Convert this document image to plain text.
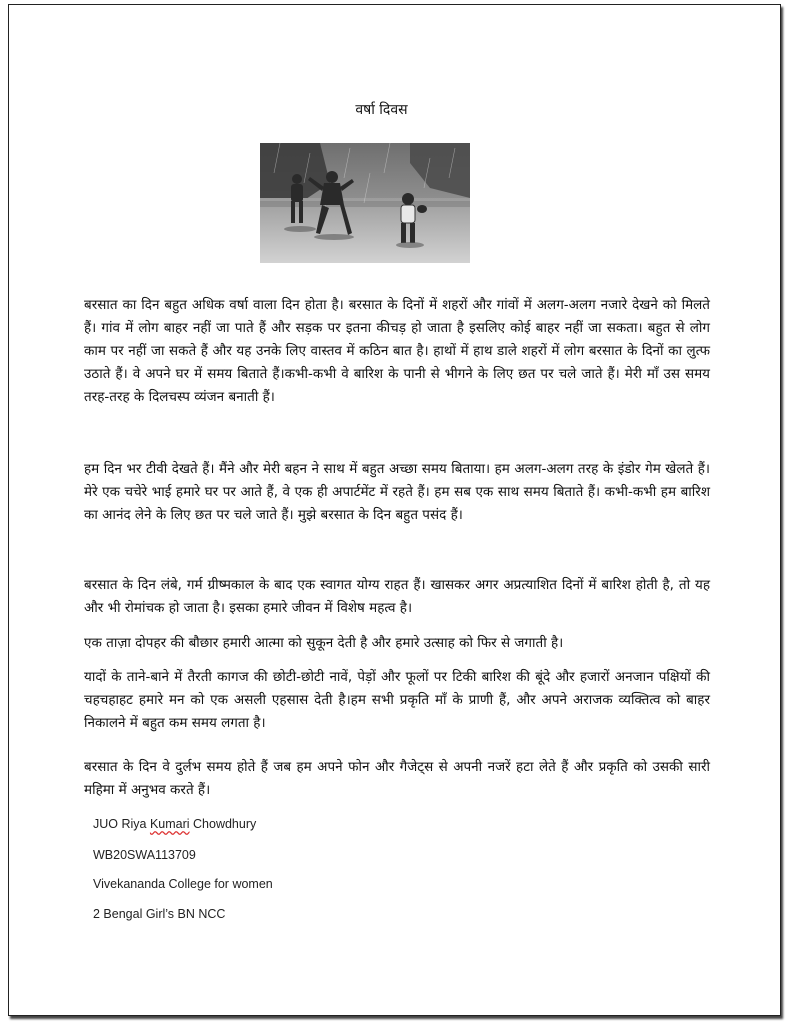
वर्षा दिवस

बरसात का दिन बहुत अधिक वर्षा वाला दिन होता है। बरसात के दिनों में शहरों और गांवों में अलग-अलग नजारे देखने को मिलते हैं। गांव में लोग बाहर नहीं जा पाते हैं और सड़क पर इतना कीचड़ हो जाता है इसलिए कोई बाहर नहीं जा सकता। बहुत से लोग काम पर नहीं जा सकते हैं और यह उनके लिए वास्तव में कठिन बात है। हाथों में हाथ डाले शहरों में लोग बरसात के दिनों का लुत्फ उठाते हैं। वे अपने घर में समय बिताते हैं।कभी-कभी वे बारिश के पानी से भीगने के लिए छत पर चले जाते हैं। मेरी माँ उस समय तरह-तरह के दिलचस्प व्यंजन बनाती हैं।

हम दिन भर टीवी देखते हैं। मैंने और मेरी बहन ने साथ में बहुत अच्छा समय बिताया। हम अलग-अलग तरह के इंडोर गेम खेलते हैं। मेरे एक चचेरे भाई हमारे घर पर आते हैं, वे एक ही अपार्टमेंट में रहते हैं। हम सब एक साथ समय बिताते हैं। कभी-कभी हम बारिश का आनंद लेने के लिए छत पर चले जाते हैं। मुझे बरसात के दिन बहुत पसंद हैं।

बरसात के दिन लंबे, गर्म ग्रीष्मकाल के बाद एक स्वागत योग्य राहत हैं। खासकर अगर अप्रत्याशित दिनों में बारिश होती है, तो यह और भी रोमांचक हो जाता है। इसका हमारे जीवन में विशेष महत्व है।

एक ताज़ा दोपहर की बौछार हमारी आत्मा को सुकून देती है और हमारे उत्साह को फिर से जगाती है।

यादों के ताने-बाने में तैरती कागज की छोटी-छोटी नावें, पेड़ों और फूलों पर टिकी बारिश की बूंदे और हजारों अनजान पक्षियों की चहचहाहट हमारे मन को एक असली एहसास देती है।हम सभी प्रकृति माँ के प्राणी हैं, और अपने अराजक व्यक्तित्व को बाहर निकालने में बहुत कम समय लगता है।

बरसात के दिन वे दुर्लभ समय होते हैं जब हम अपने फोन और गैजेट्स से अपनी नजरें हटा लेते हैं और प्रकृति को उसकी सारी महिमा में अनुभव करते हैं।

JUO Riya Kumari Chowdhury
WB20SWA113709
Vivekananda College for women
2 Bengal Girl’s BN NCC
